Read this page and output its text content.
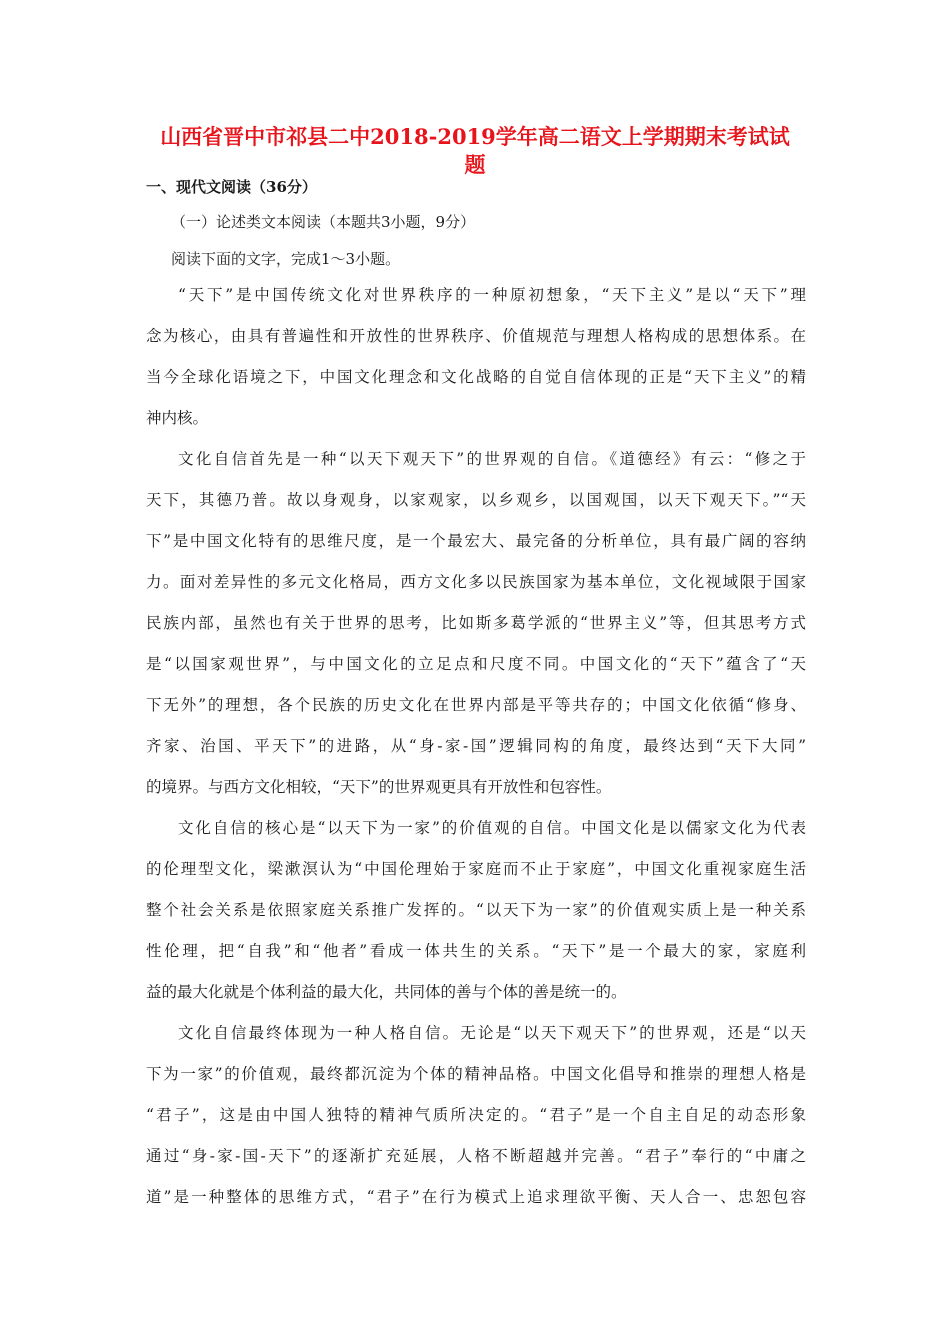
山西省晋中市祁县二中2018-2019学年高二语文上学期期末考试试
题
一、现代文阅读（36分）
（一）论述类文本阅读（本题共3小题，9分）
阅读下面的文字，完成1～3小题。
“天下”是中国传统文化对世界秩序的一种原初想象，“天下主义”是以“天下”理
念为核心，由具有普遍性和开放性的世界秩序、价值规范与理想人格构成的思想体系。在
当今全球化语境之下，中国文化理念和文化战略的自觉自信体现的正是“天下主义”的精
神内核。
文化自信首先是一种“以天下观天下”的世界观的自信。《道德经》有云：“修之于
天下，其德乃普。故以身观身，以家观家，以乡观乡，以国观国，以天下观天下。”“天
下”是中国文化特有的思维尺度，是一个最宏大、最完备的分析单位，具有最广阔的容纳
力。面对差异性的多元文化格局，西方文化多以民族国家为基本单位，文化视域限于国家
民族内部，虽然也有关于世界的思考，比如斯多葛学派的“世界主义”等，但其思考方式
是“以国家观世界”，与中国文化的立足点和尺度不同。中国文化的“天下”蕴含了“天
下无外”的理想，各个民族的历史文化在世界内部是平等共存的；中国文化依循“修身、
齐家、治国、平天下”的进路，从“身-家-国”逻辑同构的角度，最终达到“天下大同”
的境界。与西方文化相较，“天下”的世界观更具有开放性和包容性。
文化自信的核心是“以天下为一家”的价值观的自信。中国文化是以儒家文化为代表
的伦理型文化，梁漱溟认为“中国伦理始于家庭而不止于家庭”，中国文化重视家庭生活
整个社会关系是依照家庭关系推广发挥的。“以天下为一家”的价值观实质上是一种关系
性伦理，把“自我”和“他者”看成一体共生的关系。“天下”是一个最大的家，家庭利
益的最大化就是个体利益的最大化，共同体的善与个体的善是统一的。
文化自信最终体现为一种人格自信。无论是“以天下观天下”的世界观，还是“以天
下为一家”的价值观，最终都沉淀为个体的精神品格。中国文化倡导和推崇的理想人格是
“君子”，这是由中国人独特的精神气质所决定的。“君子”是一个自主自足的动态形象
通过“身-家-国-天下”的逐渐扩充延展，人格不断超越并完善。“君子”奉行的“中庸之
道”是一种整体的思维方式，“君子”在行为模式上追求理欲平衡、天人合一、忠恕包容
